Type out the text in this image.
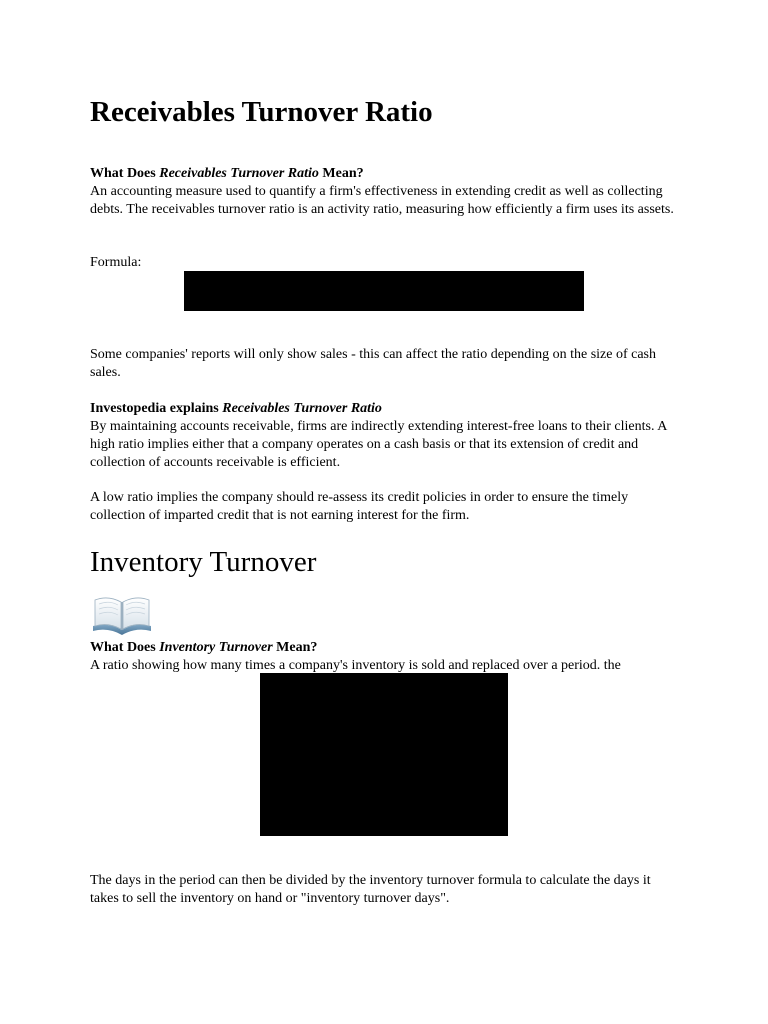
Receivables Turnover Ratio
What Does Receivables Turnover Ratio Mean?

An accounting measure used to quantify a firm's effectiveness in extending credit as well as collecting debts. The receivables turnover ratio is an activity ratio, measuring how efficiently a firm uses its assets.

Formula:
Some companies' reports will only show sales - this can affect the ratio depending on the size of cash sales.
Investopedia explains Receivables Turnover Ratio

By maintaining accounts receivable, firms are indirectly extending interest-free loans to their clients. A high ratio implies either that a company operates on a cash basis or that its extension of credit and collection of accounts receivable is efficient.

A low ratio implies the company should re-assess its credit policies in order to ensure the timely collection of imparted credit that is not earning interest for the firm.
Inventory Turnover
What Does Inventory Turnover Mean?

A ratio showing how many times a company's inventory is sold and replaced over a period. the

The days in the period can then be divided by the inventory turnover formula to calculate the days it takes to sell the inventory on hand or "inventory turnover days".
